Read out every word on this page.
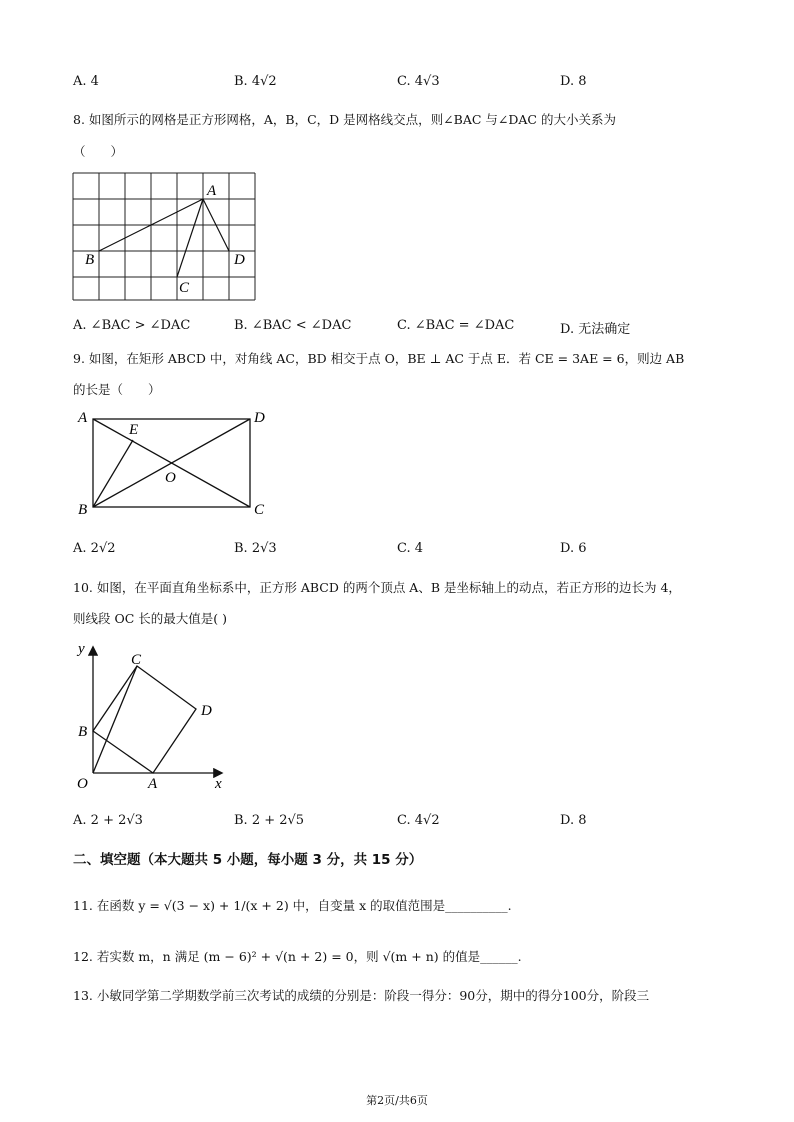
A. 4	B. 4√2	C. 4√3	D. 8
8. 如图所示的网格是正方形网格，A，B，C，D 是网格线交点，则∠BAC 与∠DAC 的大小关系为
（　　）
A
B
C
D
A. ∠BAC > ∠DAC	B. ∠BAC < ∠DAC	C. ∠BAC = ∠DAC	D. 无法确定
9. 如图，在矩形 ABCD 中，对角线 AC，BD 相交于点 O，BE ⊥ AC 于点 E．若 CE = 3AE = 6，则边 AB
的长是（　　）
A	D
E
O
B	C
A. 2√2	B. 2√3	C. 4	D. 6
10. 如图，在平面直角坐标系中，正方形 ABCD 的两个顶点 A、B 是坐标轴上的动点，若正方形的边长为 4，
则线段 OC 长的最大值是( )
y
C
D
B
O	A	x
A. 2 + 2√3	B. 2 + 2√5	C. 4√2	D. 8
二、填空题（本大题共 5 小题，每小题 3 分，共 15 分）
11. 在函数 y = √(3 − x) + 1/(x + 2) 中，自变量 x 的取值范围是__________.
12. 若实数 m，n 满足 (m − 6)² + √(n + 2) = 0，则 √(m + n) 的值是______.
13. 小敏同学第二学期数学前三次考试的成绩的分别是：阶段一得分：90分，期中的得分100分，阶段三
第2页/共6页
